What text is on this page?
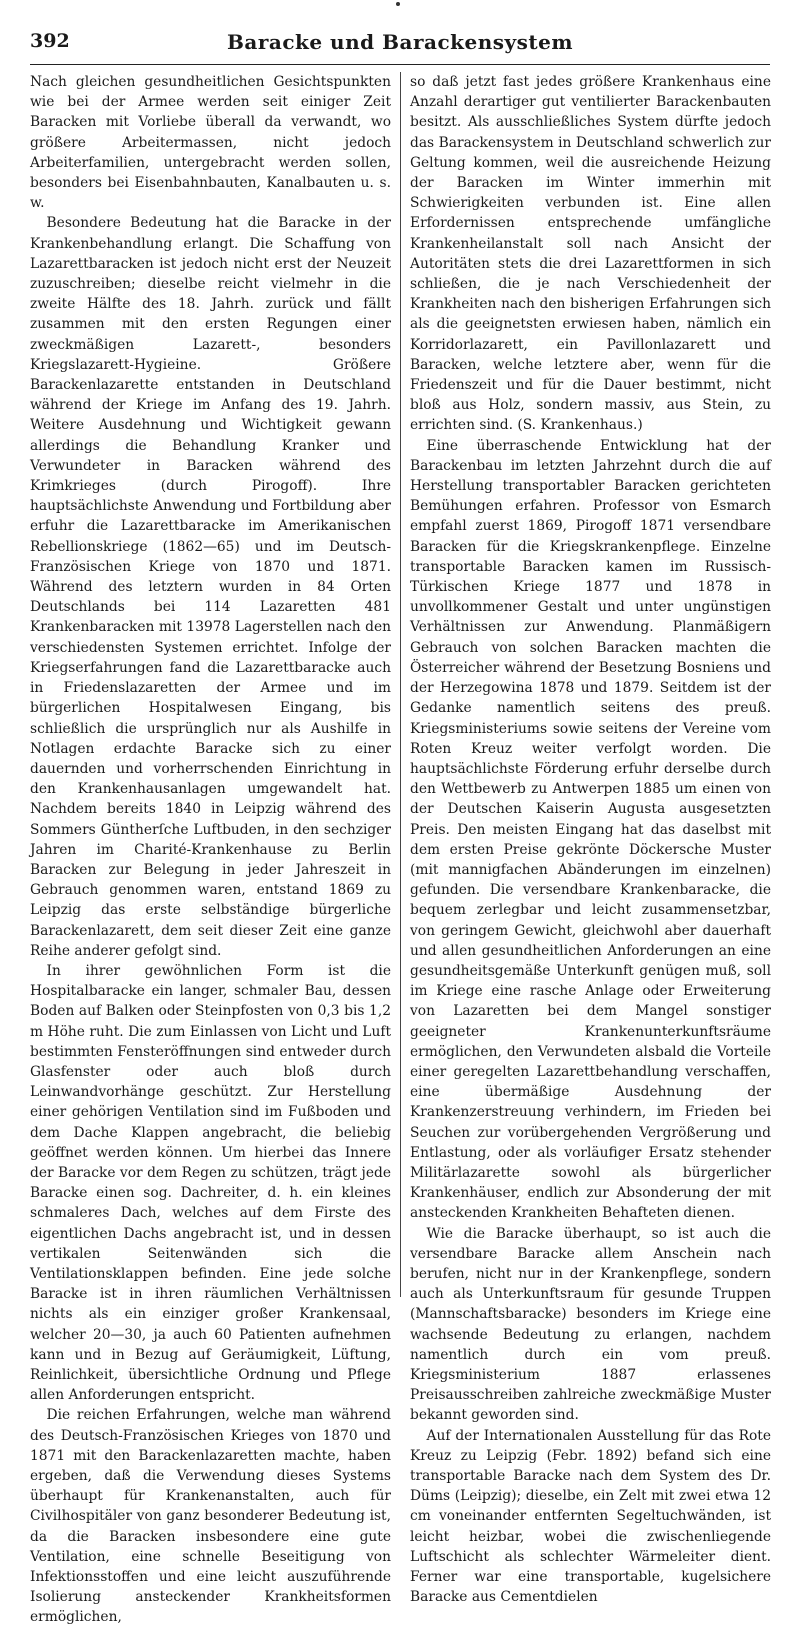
Baracke und Barackensystem
392

Nach gleichen gesundheitlichen Gesichtspunkten wie bei der Armee werden seit einiger Zeit Baracken mit Vorliebe überall da verwandt, wo größere Arbeitermassen, nicht jedoch Arbeiterfamilien, untergebracht werden sollen, besonders bei Eisenbahnbauten, Kanalbauten u. s. w.

Besondere Bedeutung hat die Baracke in der Krankenbehandlung erlangt. Die Schaffung von Lazarettbaracken ist jedoch nicht erst der Neuzeit zuzuschreiben; dieselbe reicht vielmehr in die zweite Hälfte des 18. Jahrh. zurück und fällt zusammen mit den ersten Regungen einer zweckmäßigen Lazarett-, besonders Kriegslazarett-Hygieine. Größere Barackenlazarette entstanden in Deutschland während der Kriege im Anfang des 19. Jahrh. Weitere Ausdehnung und Wichtigkeit gewann allerdings die Behandlung Kranker und Verwundeter in Baracken während des Krimkrieges (durch Pirogoff). Ihre hauptsächlichste Anwendung und Fortbildung aber erfuhr die Lazarettbaracke im Amerikanischen Rebellionskriege (1862—65) und im Deutsch-Französischen Kriege von 1870 und 1871. Während des letztern wurden in 84 Orten Deutschlands bei 114 Lazaretten 481 Krankenbaracken mit 13978 Lagerstellen nach den verschiedensten Systemen errichtet. Infolge der Kriegserfahrungen fand die Lazarettbaracke auch in Friedenslazaretten der Armee und im bürgerlichen Hospitalwesen Eingang, bis schließlich die ursprünglich nur als Aushilfe in Notlagen erdachte Baracke sich zu einer dauernden und vorherrschenden Einrichtung in den Krankenhausanlagen umgewandelt hat. Nachdem bereits 1840 in Leipzig während des Sommers Güntherſche Luftbuden, in den sechziger Jahren im Charité-Krankenhause zu Berlin Baracken zur Belegung in jeder Jahreszeit in Gebrauch genommen waren, entstand 1869 zu Leipzig das erste selbständige bürgerliche Barackenlazarett, dem seit dieser Zeit eine ganze Reihe anderer gefolgt sind.

In ihrer gewöhnlichen Form ist die Hospitalbaracke ein langer, schmaler Bau, dessen Boden auf Balken oder Steinpfosten von 0,3 bis 1,2 m Höhe ruht. Die zum Einlassen von Licht und Luft bestimmten Fensteröffnungen sind entweder durch Glasfenster oder auch bloß durch Leinwandvorhänge geschützt. Zur Herstellung einer gehörigen Ventilation sind im Fußboden und dem Dache Klappen angebracht, die beliebig geöffnet werden können. Um hierbei das Innere der Baracke vor dem Regen zu schützen, trägt jede Baracke einen sog. Dachreiter, d. h. ein kleines schmaleres Dach, welches auf dem Firste des eigentlichen Dachs angebracht ist, und in dessen vertikalen Seitenwänden sich die Ventilationsklappen befinden. Eine jede solche Baracke ist in ihren räumlichen Verhältnissen nichts als ein einziger großer Krankensaal, welcher 20—30, ja auch 60 Patienten aufnehmen kann und in Bezug auf Geräumigkeit, Lüftung, Reinlichkeit, übersichtliche Ordnung und Pflege allen Anforderungen entspricht.

Die reichen Erfahrungen, welche man während des Deutsch-Französischen Krieges von 1870 und 1871 mit den Barackenlazaretten machte, haben ergeben, daß die Verwendung dieses Systems überhaupt für Krankenanstalten, auch für Civilhospitäler von ganz besonderer Bedeutung ist, da die Baracken insbesondere eine gute Ventilation, eine schnelle Beseitigung von Infektionsstoffen und eine leicht auszuführende Isolierung ansteckender Krankheitsformen ermöglichen,

so daß jetzt fast jedes größere Krankenhaus eine Anzahl derartiger gut ventilierter Barackenbauten besitzt. Als ausschließliches System dürfte jedoch das Barackensystem in Deutschland schwerlich zur Geltung kommen, weil die ausreichende Heizung der Baracken im Winter immerhin mit Schwierigkeiten verbunden ist. Eine allen Erfordernissen entsprechende umfängliche Krankenheilanstalt soll nach Ansicht der Autoritäten stets die drei Lazarettformen in sich schließen, die je nach Verschiedenheit der Krankheiten nach den bisherigen Erfahrungen sich als die geeignetsten erwiesen haben, nämlich ein Korridorlazarett, ein Pavillonlazarett und Baracken, welche letztere aber, wenn für die Friedenszeit und für die Dauer bestimmt, nicht bloß aus Holz, sondern massiv, aus Stein, zu errichten sind. (S. Krankenhaus.)

Eine überraschende Entwicklung hat der Barackenbau im letzten Jahrzehnt durch die auf Herstellung transportabler Baracken gerichteten Bemühungen erfahren. Professor von Esmarch empfahl zuerst 1869, Pirogoff 1871 versendbare Baracken für die Kriegskrankenpflege. Einzelne transportable Baracken kamen im Russisch-Türkischen Kriege 1877 und 1878 in unvollkommener Gestalt und unter ungünstigen Verhältnissen zur Anwendung. Planmäßigern Gebrauch von solchen Baracken machten die Österreicher während der Besetzung Bosniens und der Herzegowina 1878 und 1879. Seitdem ist der Gedanke namentlich seitens des preuß. Kriegsministeriums sowie seitens der Vereine vom Roten Kreuz weiter verfolgt worden. Die hauptsächlichste Förderung erfuhr derselbe durch den Wettbewerb zu Antwerpen 1885 um einen von der Deutschen Kaiserin Augusta ausgesetzten Preis. Den meisten Eingang hat das daselbst mit dem ersten Preise gekrönte Döckersche Muster (mit mannigfachen Abänderungen im einzelnen) gefunden. Die versendbare Krankenbaracke, die bequem zerlegbar und leicht zusammensetzbar, von geringem Gewicht, gleichwohl aber dauerhaft und allen gesundheitlichen Anforderungen an eine gesundheitsgemäße Unterkunft genügen muß, soll im Kriege eine rasche Anlage oder Erweiterung von Lazaretten bei dem Mangel sonstiger geeigneter Krankenunterkunftsräume ermöglichen, den Verwundeten alsbald die Vorteile einer geregelten Lazarettbehandlung verschaffen, eine übermäßige Ausdehnung der Krankenzerstreuung verhindern, im Frieden bei Seuchen zur vorübergehenden Vergrößerung und Entlastung, oder als vorläufiger Ersatz stehender Militärlazarette sowohl als bürgerlicher Krankenhäuser, endlich zur Absonderung der mit ansteckenden Krankheiten Behafteten dienen.

Wie die Baracke überhaupt, so ist auch die versendbare Baracke allem Anschein nach berufen, nicht nur in der Krankenpflege, sondern auch als Unterkunftsraum für gesunde Truppen (Mannschaftsbaracke) besonders im Kriege eine wachsende Bedeutung zu erlangen, nachdem namentlich durch ein vom preuß. Kriegsministerium 1887 erlassenes Preisausschreiben zahlreiche zweckmäßige Muster bekannt geworden sind.

Auf der Internationalen Ausstellung für das Rote Kreuz zu Leipzig (Febr. 1892) befand sich eine transportable Baracke nach dem System des Dr. Düms (Leipzig); dieselbe, ein Zelt mit zwei etwa 12 cm voneinander entfernten Segeltuchwänden, ist leicht heizbar, wobei die zwischenliegende Luftschicht als schlechter Wärmeleiter dient. Ferner war eine transportable, kugelsichere Baracke aus Cementdielen
